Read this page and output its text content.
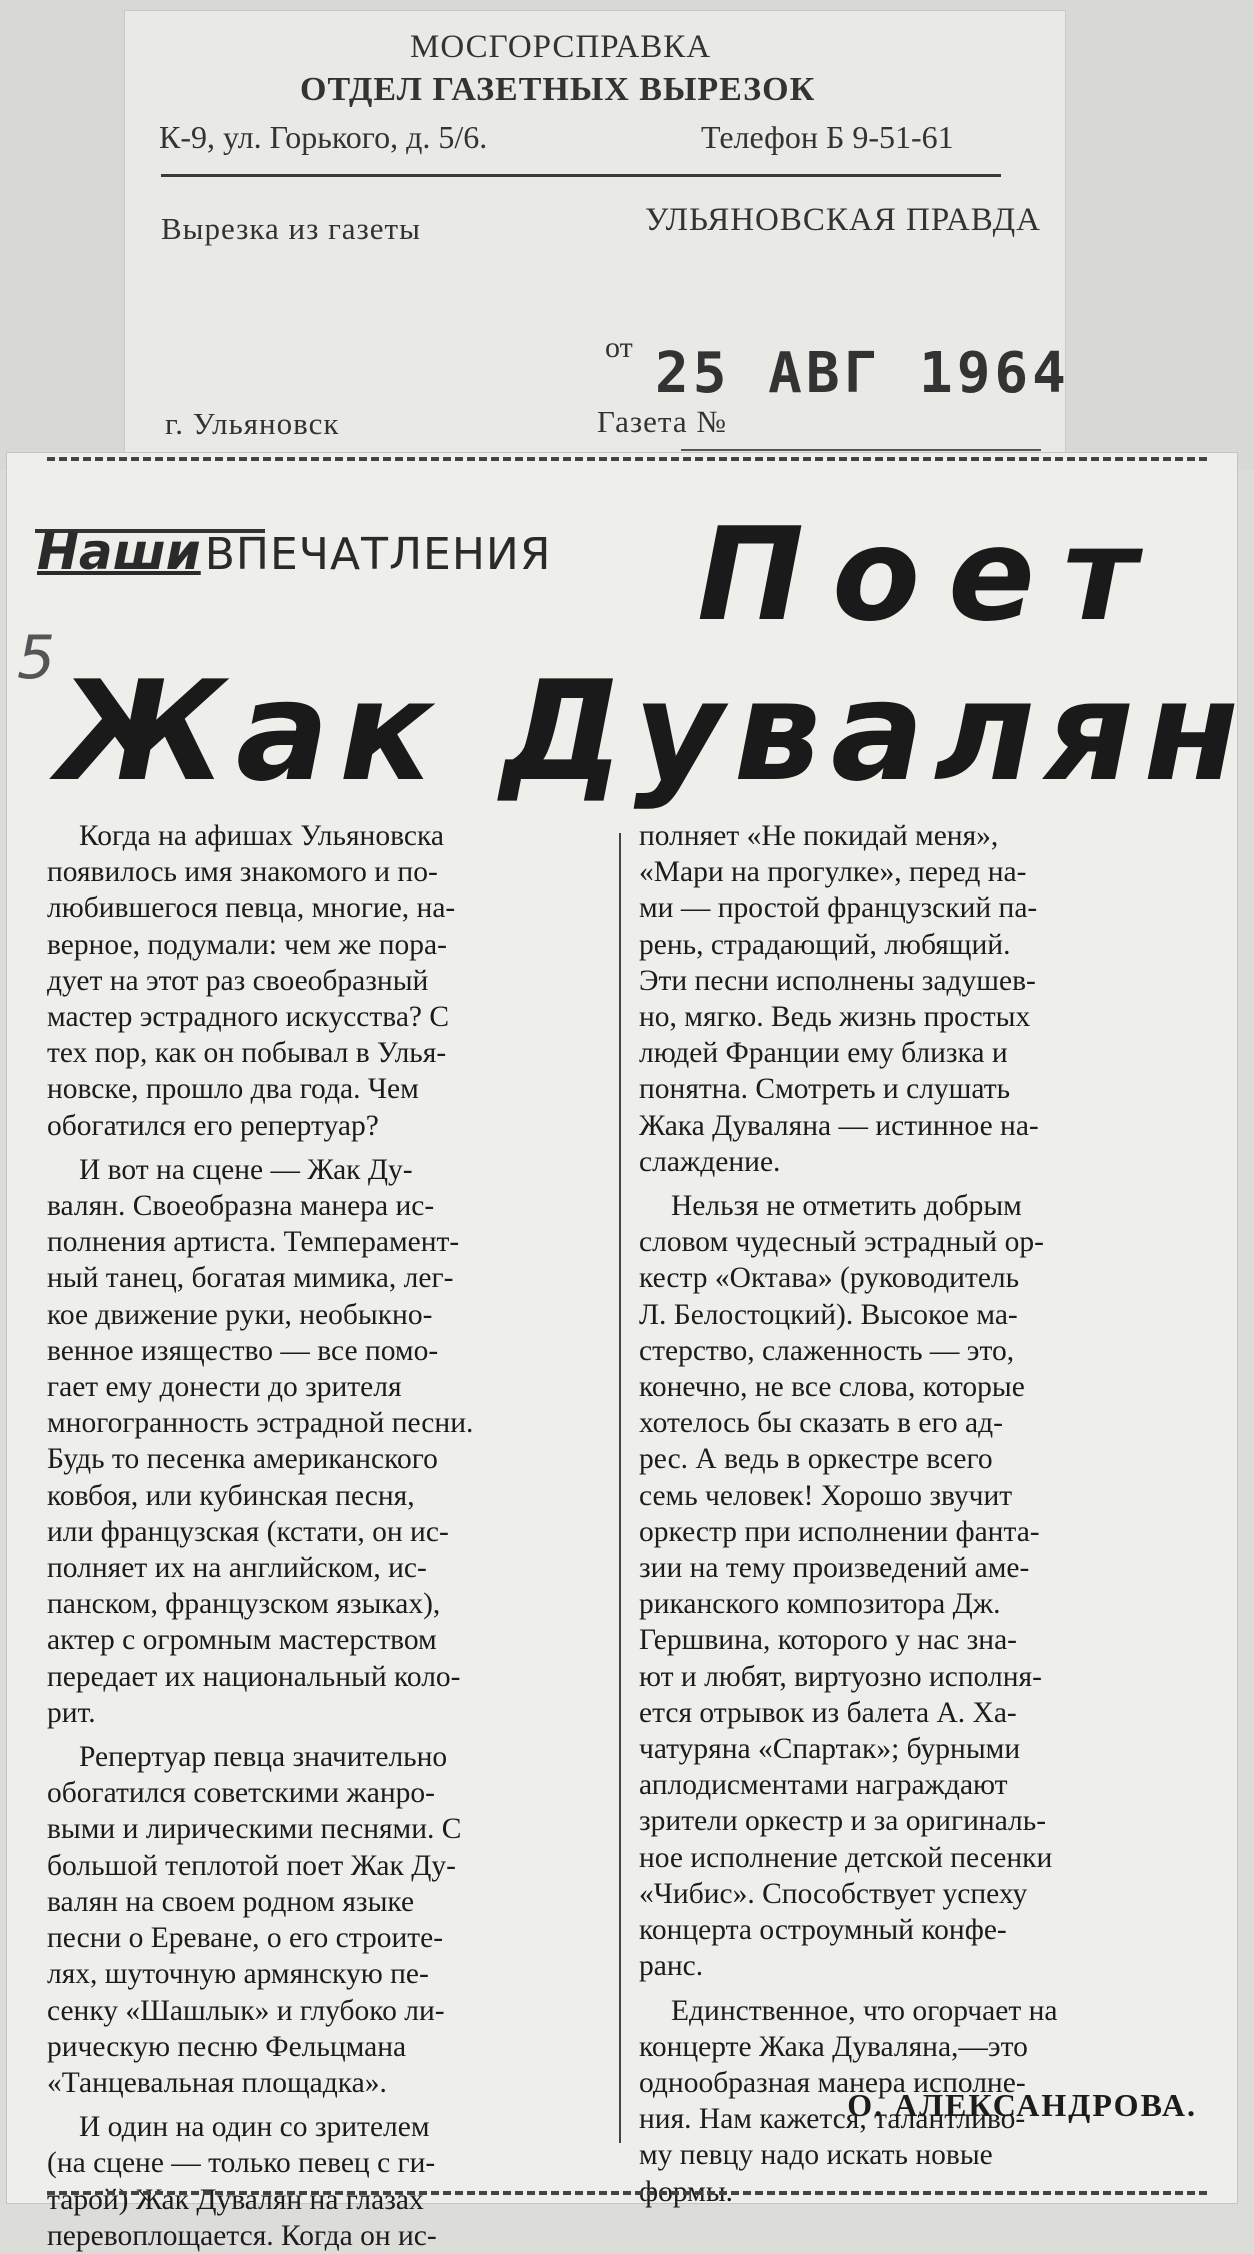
МОСГОРСПРАВКА
ОТДЕЛ ГАЗЕТНЫХ ВЫРЕЗОК
К-9, ул. Горького, д. 5/6.	Телефон Б 9-51-61
Вырезка из газеты	УЛЬЯНОВСКАЯ ПРАВДА
от 25 АВГ 1964
г. Ульяновск	Газета №
НашиВПЕЧАТЛЕНИЯ
5
Поет
Жак Дувалян

Когда на афишах Ульяновска
появилось имя знакомого и по-
любившегося певца, многие, на-
верное, подумали: чем же пора-
дует на этот раз своеобразный
мастер эстрадного искусства? С
тех пор, как он побывал в Улья-
новске, прошло два года. Чем
обогатился его репертуар?

И вот на сцене — Жак Ду-
валян. Своеобразна манера ис-
полнения артиста. Темперамент-
ный танец, богатая мимика, лег-
кое движение руки, необыкно-
венное изящество — все помо-
гает ему донести до зрителя
многогранность эстрадной песни.
Будь то песенка американского
ковбоя, или кубинская песня,
или французская (кстати, он ис-
полняет их на английском, ис-
панском, французском языках),
актер с огромным мастерством
передает их национальный коло-
рит.

Репертуар певца значительно
обогатился советскими жанро-
выми и лирическими песнями. С
большой теплотой поет Жак Ду-
валян на своем родном языке
песни о Ереване, о его строите-
лях, шуточную армянскую пе-
сенку «Шашлык» и глубоко ли-
рическую песню Фельцмана
«Танцевальная площадка».

И один на один со зрителем
(на сцене — только певец с ги-
тарой) Жак Дувалян на глазах
перевоплощается. Когда он ис-

полняет «Не покидай меня»,
«Мари на прогулке», перед на-
ми — простой французский па-
рень, страдающий, любящий.
Эти песни исполнены задушев-
но, мягко. Ведь жизнь простых
людей Франции ему близка и
понятна. Смотреть и слушать
Жака Дуваляна — истинное на-
слаждение.

Нельзя не отметить добрым
словом чудесный эстрадный ор-
кестр «Октава» (руководитель
Л. Белостоцкий). Высокое ма-
стерство, слаженность — это,
конечно, не все слова, которые
хотелось бы сказать в его ад-
рес. А ведь в оркестре всего
семь человек! Хорошо звучит
оркестр при исполнении фанта-
зии на тему произведений аме-
риканского композитора Дж.
Гершвина, которого у нас зна-
ют и любят, виртуозно исполня-
ется отрывок из балета А. Ха-
чатуряна «Спартак»; бурными
аплодисментами награждают
зрители оркестр и за оригиналь-
ное исполнение детской песенки
«Чибис». Способствует успеху
концерта остроумный конфе-
ранс.

Единственное, что огорчает на
концерте Жака Дуваляна,—это
однообразная манера исполне-
ния. Нам кажется, талантливо-
му певцу надо искать новые
формы.

О. АЛЕКСАНДРОВА.
